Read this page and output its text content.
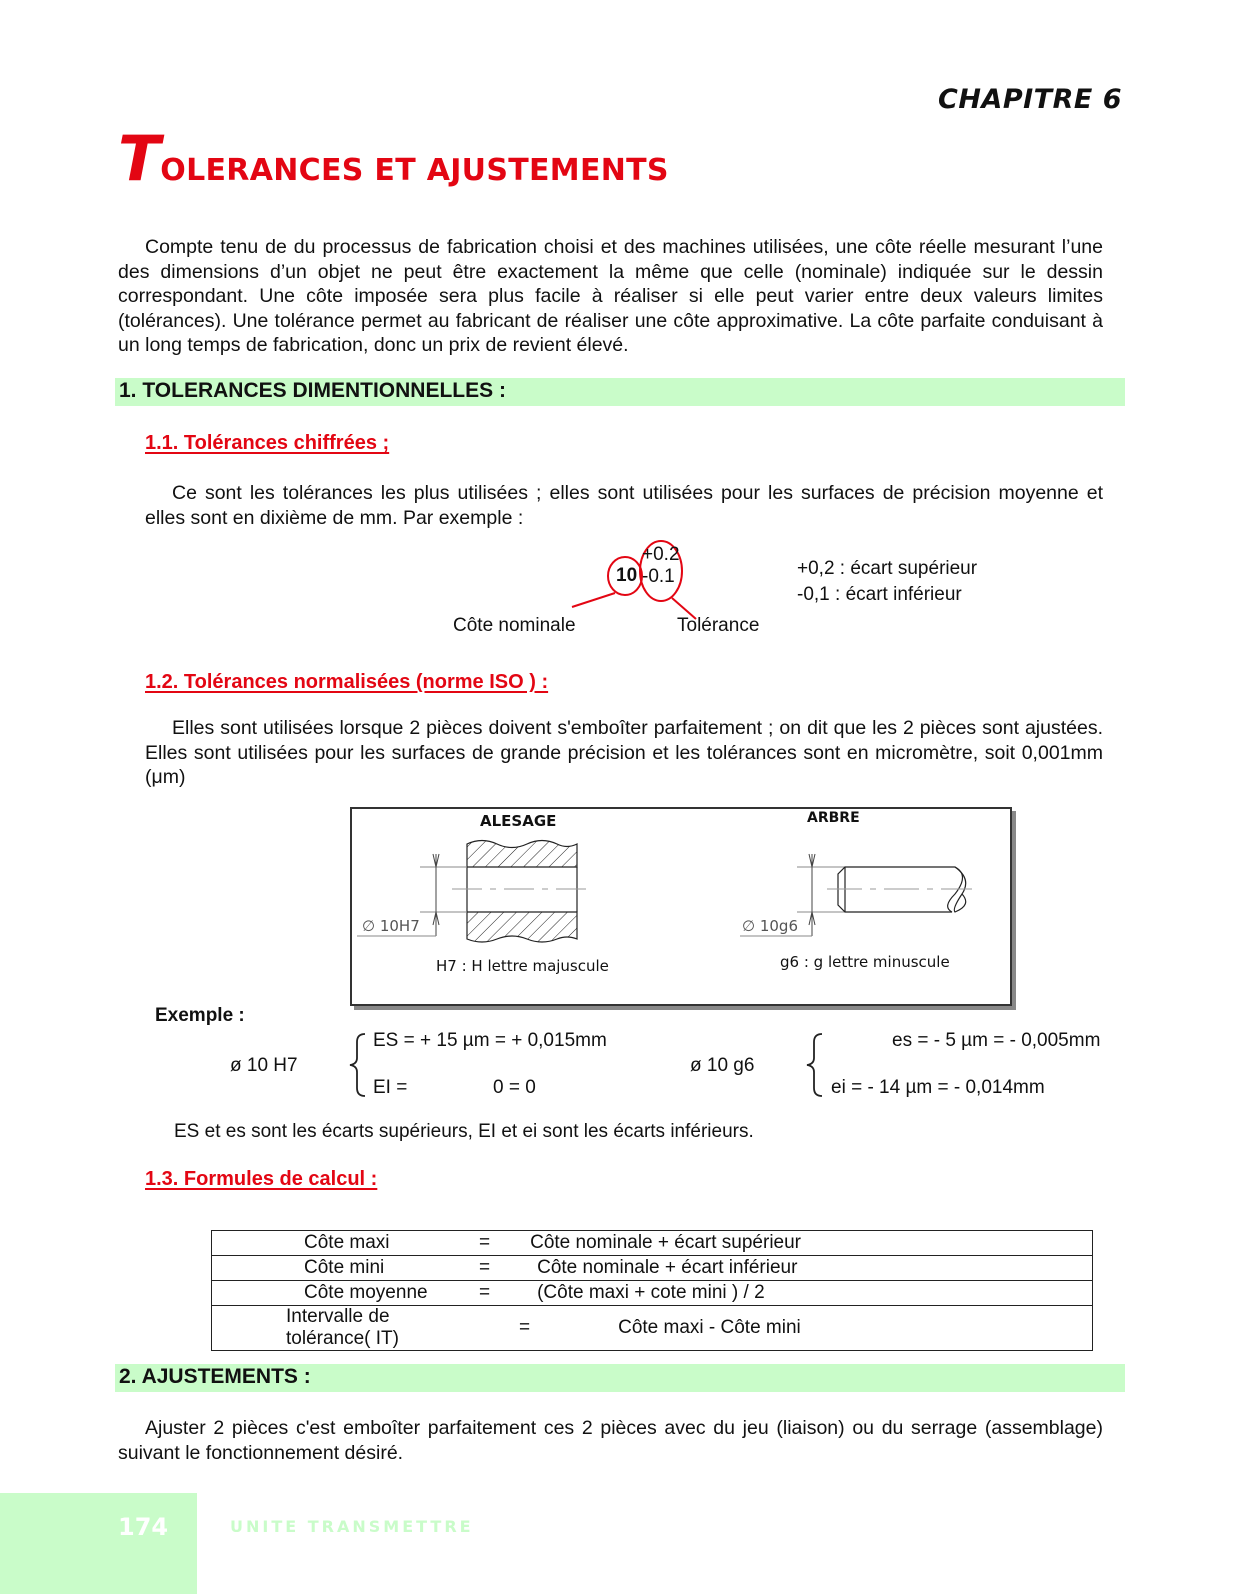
CHAPITRE 6
TOLERANCES ET AJUSTEMENTS
Compte tenu de du processus de fabrication choisi et des machines utilisées, une côte réelle mesurant l’une des dimensions d’un objet ne peut être exactement la même que celle (nominale) indiquée sur le dessin correspondant. Une côte imposée sera plus facile à réaliser si elle peut varier entre deux valeurs limites (tolérances). Une tolérance permet au fabricant de réaliser une côte approximative. La côte parfaite conduisant à un long temps de fabrication, donc un prix de revient élevé.
1. TOLERANCES DIMENTIONNELLES :
1.1. Tolérances chiffrées ;
Ce sont les tolérances les plus utilisées ; elles sont utilisées pour les surfaces de précision moyenne et elles sont en dixième de mm. Par exemple :
10
+0.2
-0.1
Côte nominale	Tolérance
+0,2 : écart supérieur
-0,1 : écart inférieur
1.2. Tolérances normalisées (norme ISO ) :
Elles sont utilisées lorsque 2 pièces doivent s'emboîter parfaitement ; on dit que les 2 pièces sont ajustées. Elles sont utilisées pour les surfaces de grande précision et les tolérances sont en micromètre, soit 0,001mm (μm)
ALESAGE
∅ 10H7
H7 : H lettre majuscule
ARBRE
∅ 10g6
g6 : g lettre minuscule
Exemple :
ø 10 H7
ES = + 15 µm = + 0,015mm
EI =	0 = 0
ø 10 g6
es = - 5 µm = - 0,005mm
ei = - 14 µm = - 0,014mm
ES et es sont les écarts supérieurs, EI et ei sont les écarts inférieurs.
1.3. Formules de calcul :
	Côte maxi	=	Côte nominale + écart supérieur
	Côte mini	=	Côte nominale + écart inférieur
	Côte moyenne	=	(Côte maxi + cote mini ) / 2
Intervalle de tolérance( IT)		=	Côte maxi - Côte mini
2. AJUSTEMENTS :
Ajuster 2 pièces c'est emboîter parfaitement ces 2 pièces avec du jeu (liaison) ou du serrage (assemblage) suivant le fonctionnement désiré.
174	UNITE TRANSMETTRE
